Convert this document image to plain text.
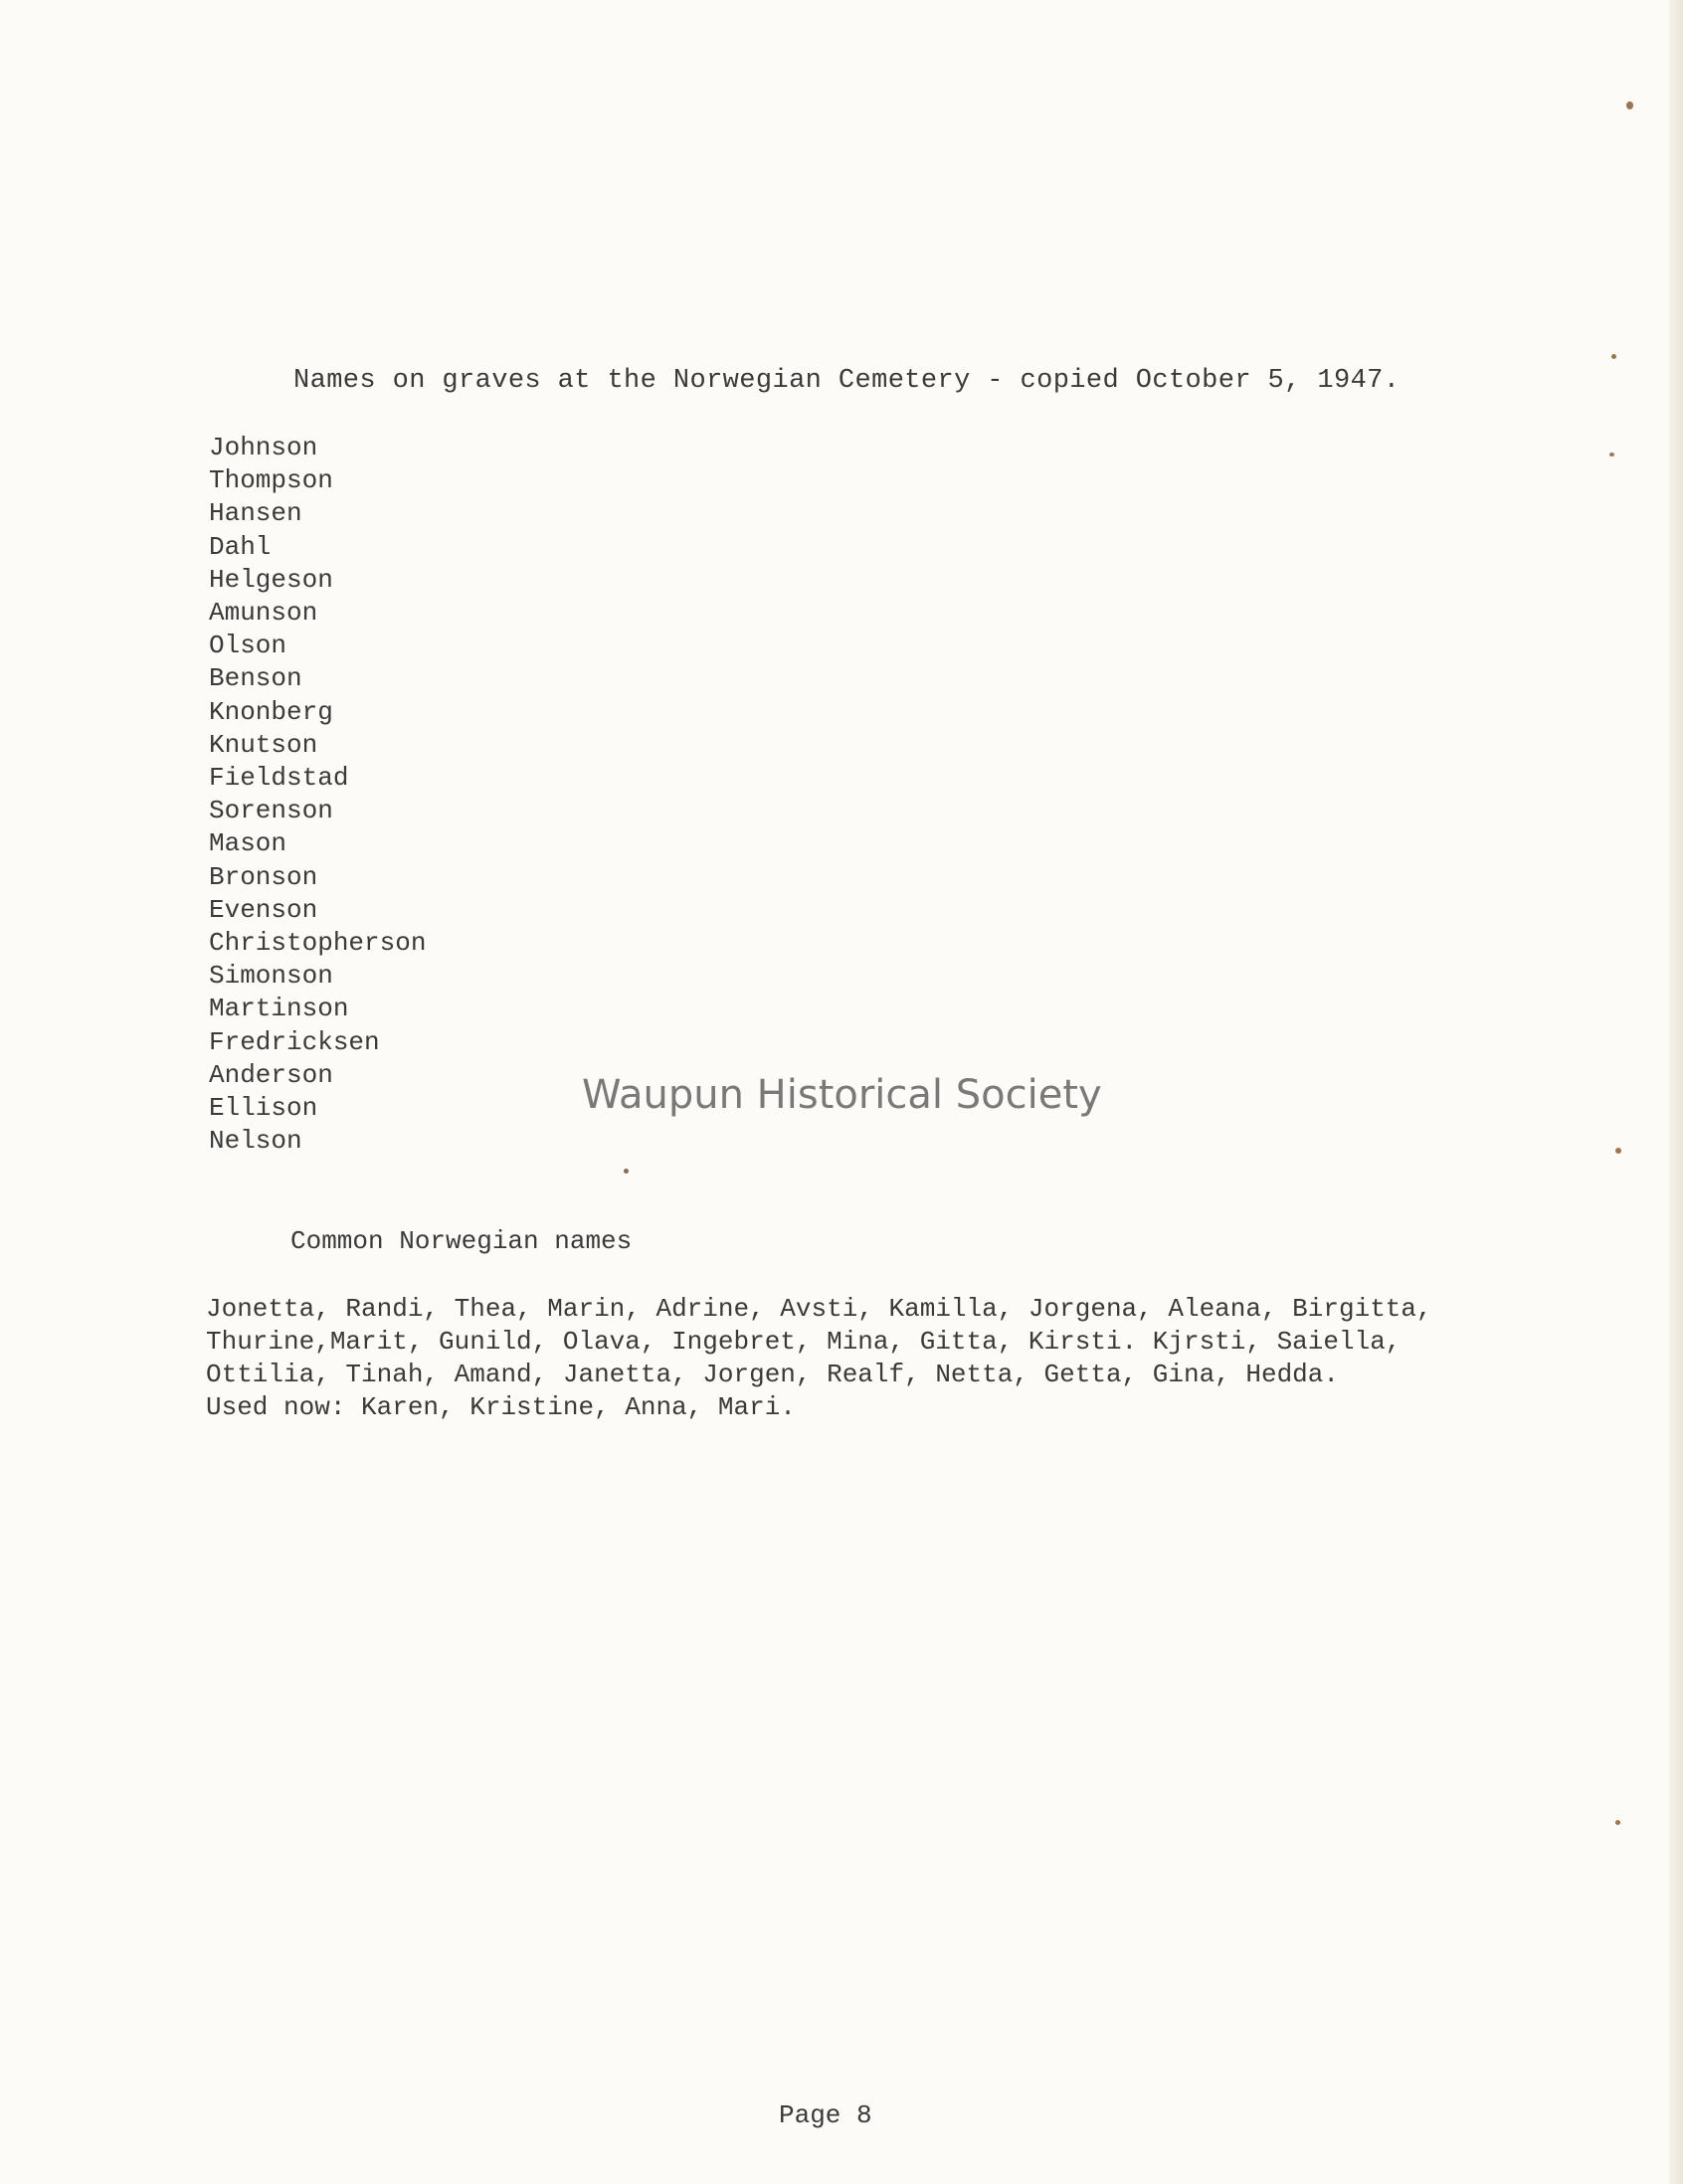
Names on graves at the Norwegian Cemetery - copied October 5, 1947.
Johnson
Thompson
Hansen
Dahl
Helgeson
Amunson
Olson
Benson
Knonberg
Knutson
Fieldstad
Sorenson
Mason
Bronson
Evenson
Christopherson
Simonson
Martinson
Fredricksen
Anderson
Ellison
Nelson
Waupun Historical Society
Common Norwegian names
Jonetta, Randi, Thea, Marin, Adrine, Avsti, Kamilla, Jorgena, Aleana, Birgitta,
Thurine,Marit, Gunild, Olava, Ingebret, Mina, Gitta, Kirsti. Kjrsti, Saiella,
Ottilia, Tinah, Amand, Janetta, Jorgen, Realf, Netta, Getta, Gina, Hedda.
Used now: Karen, Kristine, Anna, Mari.
Page 8
